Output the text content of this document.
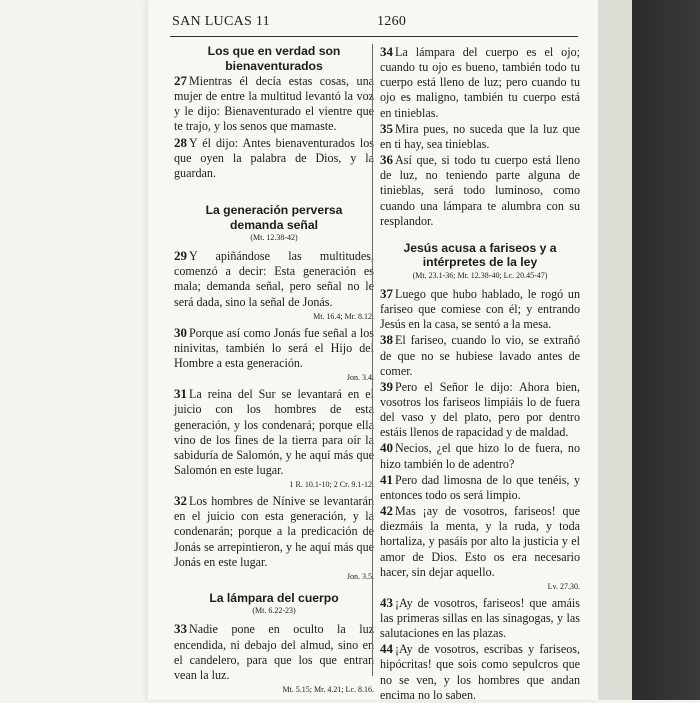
SAN LUCAS 11	1260
Los que en verdad son bienaventurados

27 Mientras él decía estas cosas, una mujer de entre la multitud levantó la voz y le dijo: Bienaventurado el vientre que te trajo, y los senos que mamaste.

28 Y él dijo: Antes bienaventurados los que oyen la palabra de Dios, y la guardan.

La generación perversa demanda señal
(Mt. 12.38-42)

29 Y apiñándose las multitudes, comenzó a decir: Esta generación es mala; demanda señal, pero señal no le será dada, sino la señal de Jonás.

Mt. 16.4; Mr. 8.12.

30 Porque así como Jonás fue señal a los ninivitas, también lo será el Hijo del Hombre a esta generación.

Jon. 3.4.

31 La reina del Sur se levantará en el juicio con los hombres de esta generación, y los condenará; porque ella vino de los fines de la tierra para oír la sabiduría de Salomón, y he aquí más que Salomón en este lugar.

1 R. 10.1-10; 2 Cr. 9.1-12.

32 Los hombres de Nínive se levantarán en el juicio con esta generación, y la condenarán; porque a la predicación de Jonás se arrepintieron, y he aquí más que Jonás en este lugar.

Jon. 3.5.
La lámpara del cuerpo
(Mt. 6.22-23)

33 Nadie pone en oculto la luz encendida, ni debajo del almud, sino en el candelero, para que los que entran vean la luz.

Mt. 5.15; Mr. 4.21; Lc. 8.16.

34 La lámpara del cuerpo es el ojo; cuando tu ojo es bueno, también todo tu cuerpo está lleno de luz; pero cuando tu ojo es maligno, también tu cuerpo está en tinieblas.

35 Mira pues, no suceda que la luz que en ti hay, sea tinieblas.

36 Así que, si todo tu cuerpo está lleno de luz, no teniendo parte alguna de tinieblas, será todo luminoso, como cuando una lámpara te alumbra con su resplandor.

Jesús acusa a fariseos y a intérpretes de la ley
(Mt. 23.1-36; Mr. 12.38-40; Lc. 20.45-47)

37 Luego que hubo hablado, le rogó un fariseo que comiese con él; y entrando Jesús en la casa, se sentó a la mesa.

38 El fariseo, cuando lo vio, se extrañó de que no se hubiese lavado antes de comer.

39 Pero el Señor le dijo: Ahora bien, vosotros los fariseos limpiáis lo de fuera del vaso y del plato, pero por dentro estáis llenos de rapacidad y de maldad.

40 Necios, ¿el que hizo lo de fuera, no hizo también lo de adentro?

41 Pero dad limosna de lo que tenéis, y entonces todo os será limpio.

42 Mas ¡ay de vosotros, fariseos! que diezmáis la menta, y la ruda, y toda hortaliza, y pasáis por alto la justicia y el amor de Dios. Esto os era necesario hacer, sin dejar aquello.

Lv. 27.30.

43 ¡Ay de vosotros, fariseos! que amáis las primeras sillas en las sinagogas, y las salutaciones en las plazas.

44 ¡Ay de vosotros, escribas y fariseos, hipócritas! que sois como sepulcros que no se ven, y los hombres que andan encima no lo saben.
